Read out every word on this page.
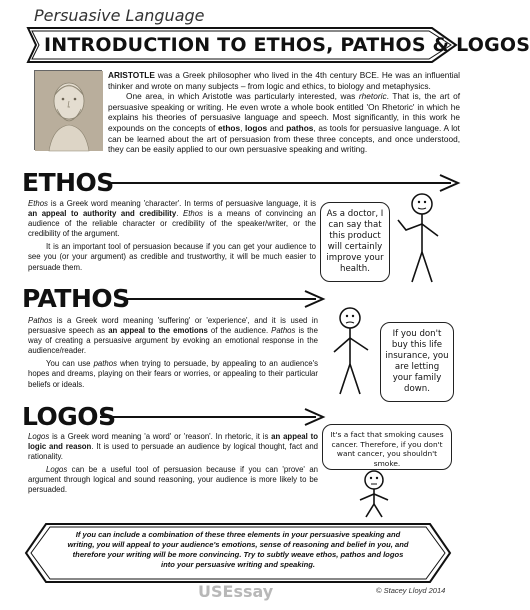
Persuasive Language
INTRODUCTION TO ETHOS, PATHOS & LOGOS

ARISTOTLE was a Greek philosopher who lived in the 4th century BCE. He was an influential thinker and wrote on many subjects – from logic and ethics, to biology and metaphysics.

One area, in which Aristotle was particularly interested, was rhetoric. That is, the art of persuasive speaking or writing. He even wrote a whole book entitled 'On Rhetoric' in which he explains his theories of persuasive language and speech. Most significantly, in this work he expounds on the concepts of ethos, logos and pathos, as tools for persuasive language. A lot can be learned about the art of persuasion from these three concepts, and once understood, they can be easily applied to our own persuasive speaking and writing.

ETHOS

Ethos is a Greek word meaning 'character'. In terms of persuasive language, it is an appeal to authority and credibility. Ethos is a means of convincing an audience of the reliable character or credibility of the speaker/writer, or the credibility of the argument.

It is an important tool of persuasion because if you can get your audience to see you (or your argument) as credible and trustworthy, it will be much easier to persuade them.

As a doctor, I can say that this product will certainly improve your health.
PATHOS

Pathos is a Greek word meaning 'suffering' or 'experience', and it is used in persuasive speech as an appeal to the emotions of the audience. Pathos is the way of creating a persuasive argument by evoking an emotional response in the audience/reader.

You can use pathos when trying to persuade, by appealing to an audience's hopes and dreams, playing on their fears or worries, or appealing to their particular beliefs or ideals.

If you don't buy this life insurance, you are letting your family down.
LOGOS

Logos is a Greek word meaning 'a word' or 'reason'. In rhetoric, it is an appeal to logic and reason. It is used to persuade an audience by logical thought, fact and rationality.

Logos can be a useful tool of persuasion because if you can 'prove' an argument through logical and sound reasoning, your audience is more likely to be persuaded.

It's a fact that smoking causes cancer. Therefore, if you don't want cancer, you shouldn't smoke.
If you can include a combination of these three elements in your persuasive speaking and writing, you will appeal to your audience's emotions, sense of reasoning and belief in you, and therefore your writing will be more convincing. Try to subtly weave ethos, pathos and logos into your persuasive writing and speaking.
USEssay	© Stacey Lloyd 2014
